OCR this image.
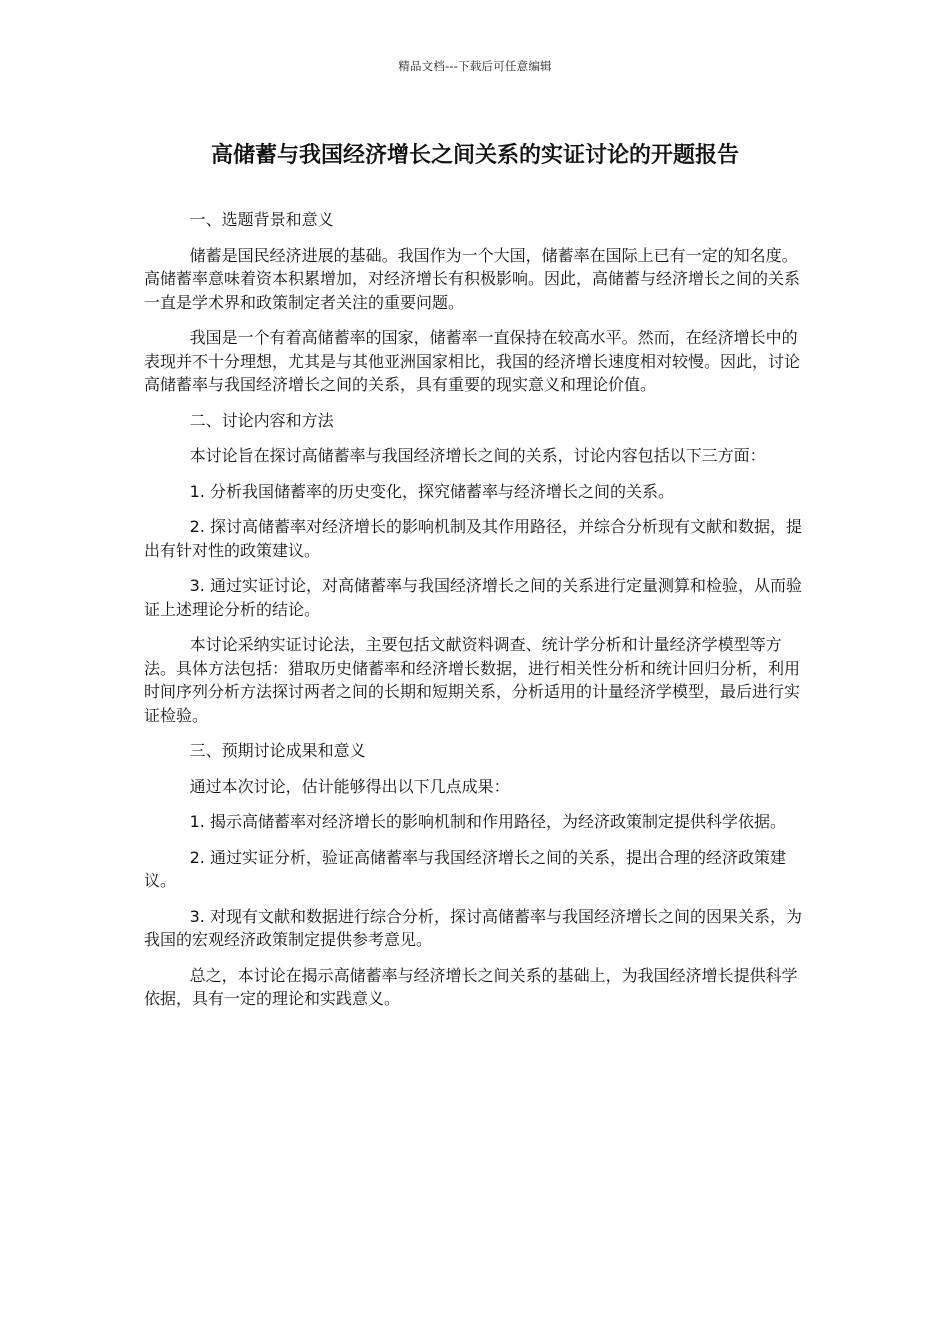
精品文档---下载后可任意编辑
高储蓄与我国经济增长之间关系的实证讨论的开题报告

一、选题背景和意义

储蓄是国民经济进展的基础。我国作为一个大国，储蓄率在国际上已有一定的知名度。高储蓄率意味着资本积累增加，对经济增长有积极影响。因此，高储蓄与经济增长之间的关系一直是学术界和政策制定者关注的重要问题。

我国是一个有着高储蓄率的国家，储蓄率一直保持在较高水平。然而，在经济增长中的表现并不十分理想，尤其是与其他亚洲国家相比，我国的经济增长速度相对较慢。因此，讨论高储蓄率与我国经济增长之间的关系，具有重要的现实意义和理论价值。

二、讨论内容和方法

本讨论旨在探讨高储蓄率与我国经济增长之间的关系，讨论内容包括以下三方面：

1. 分析我国储蓄率的历史变化，探究储蓄率与经济增长之间的关系。

2. 探讨高储蓄率对经济增长的影响机制及其作用路径，并综合分析现有文献和数据，提出有针对性的政策建议。

3. 通过实证讨论，对高储蓄率与我国经济增长之间的关系进行定量测算和检验，从而验证上述理论分析的结论。

本讨论采纳实证讨论法，主要包括文献资料调查、统计学分析和计量经济学模型等方法。具体方法包括：猎取历史储蓄率和经济增长数据，进行相关性分析和统计回归分析，利用时间序列分析方法探讨两者之间的长期和短期关系，分析适用的计量经济学模型，最后进行实证检验。

三、预期讨论成果和意义

通过本次讨论，估计能够得出以下几点成果：

1. 揭示高储蓄率对经济增长的影响机制和作用路径，为经济政策制定提供科学依据。

2. 通过实证分析，验证高储蓄率与我国经济增长之间的关系，提出合理的经济政策建议。

3. 对现有文献和数据进行综合分析，探讨高储蓄率与我国经济增长之间的因果关系，为我国的宏观经济政策制定提供参考意见。

总之，本讨论在揭示高储蓄率与经济增长之间关系的基础上，为我国经济增长提供科学依据，具有一定的理论和实践意义。
